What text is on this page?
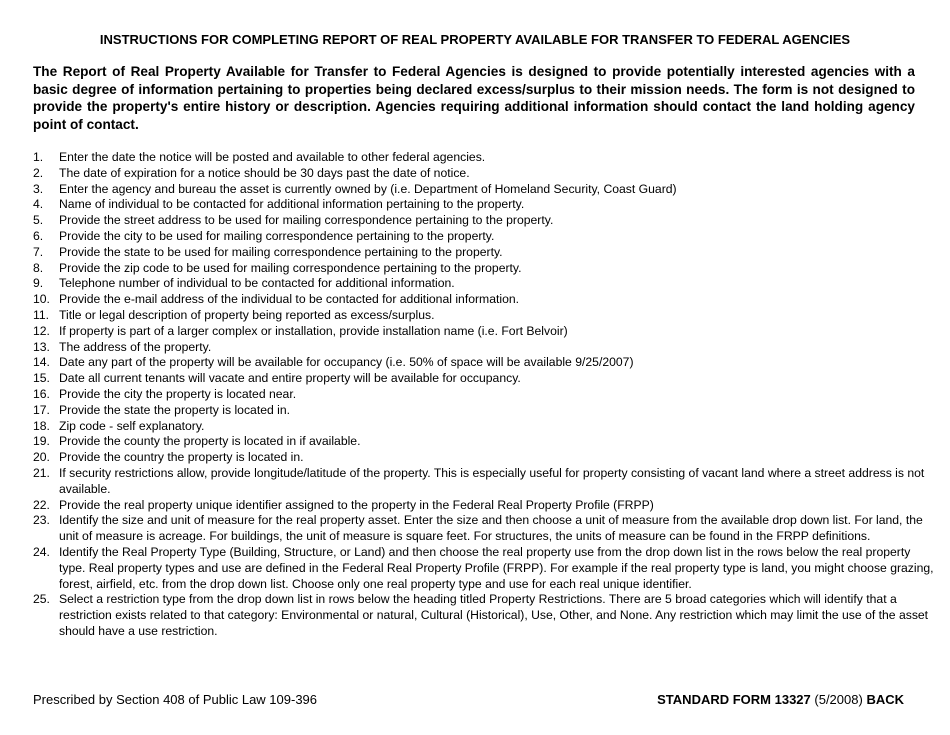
INSTRUCTIONS FOR COMPLETING REPORT OF REAL PROPERTY AVAILABLE FOR TRANSFER TO FEDERAL AGENCIES

The Report of Real Property Available for Transfer to Federal Agencies is designed to provide potentially interested agencies with a basic degree of information pertaining to properties being declared excess/surplus to their mission needs. The form is not designed to provide the property's entire history or description. Agencies requiring additional information should contact the land holding agency point of contact.

1. Enter the date the notice will be posted and available to other federal agencies.
2. The date of expiration for a notice should be 30 days past the date of notice.
3. Enter the agency and bureau the asset is currently owned by (i.e. Department of Homeland Security, Coast Guard)
4. Name of individual to be contacted for additional information pertaining to the property.
5. Provide the street address to be used for mailing correspondence pertaining to the property.
6. Provide the city to be used for mailing correspondence pertaining to the property.
7. Provide the state to be used for mailing correspondence pertaining to the property.
8. Provide the zip code to be used for mailing correspondence pertaining to the property.
9. Telephone number of individual to be contacted for additional information.
10. Provide the e-mail address of the individual to be contacted for additional information.
11. Title or legal description of property being reported as excess/surplus.
12. If property is part of a larger complex or installation, provide installation name (i.e. Fort Belvoir)
13. The address of the property.
14. Date any part of the property will be available for occupancy (i.e. 50% of space will be available 9/25/2007)
15. Date all current tenants will vacate and entire property will be available for occupancy.
16. Provide the city the property is located near.
17. Provide the state the property is located in.
18. Zip code - self explanatory.
19. Provide the county the property is located in if available.
20. Provide the country the property is located in.
21. If security restrictions allow, provide longitude/latitude of the property. This is especially useful for property consisting of vacant land where a street address is not available.
22. Provide the real property unique identifier assigned to the property in the Federal Real Property Profile (FRPP)
23. Identify the size and unit of measure for the real property asset. Enter the size and then choose a unit of measure from the available drop down list. For land, the unit of measure is acreage. For buildings, the unit of measure is square feet. For structures, the units of measure can be found in the FRPP definitions.
24. Identify the Real Property Type (Building, Structure, or Land) and then choose the real property use from the drop down list in the rows below the real property type. Real property types and use are defined in the Federal Real Property Profile (FRPP). For example if the real property type is land, you might choose grazing, forest, airfield, etc. from the drop down list. Choose only one real property type and use for each real unique identifier.
25. Select a restriction type from the drop down list in rows below the heading titled Property Restrictions. There are 5 broad categories which will identify that a restriction exists related to that category: Environmental or natural, Cultural (Historical), Use, Other, and None. Any restriction which may limit the use of the asset should have a use restriction.
Prescribed by Section 408 of Public Law 109-396	STANDARD FORM 13327 (5/2008) BACK
